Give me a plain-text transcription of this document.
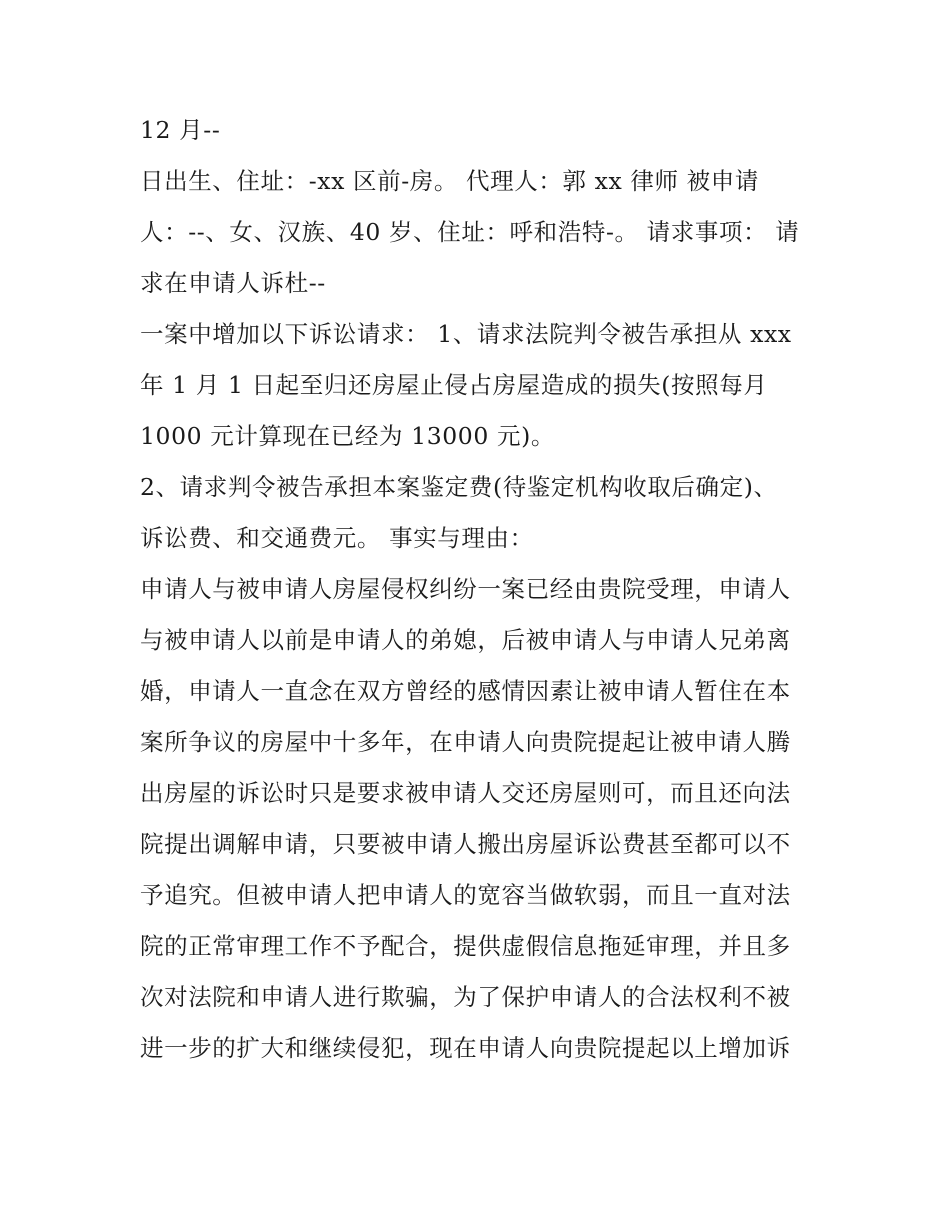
12 月--
日出生、住址：-xx 区前-房。 代理人：郭 xx 律师 被申请
人：--、女、汉族、40 岁、住址：呼和浩特-。 请求事项： 请
求在申请人诉杜--
一案中增加以下诉讼请求： 1、请求法院判令被告承担从 xxx
年 1 月 1 日起至归还房屋止侵占房屋造成的损失(按照每月
1000 元计算现在已经为 13000 元)。
2、请求判令被告承担本案鉴定费(待鉴定机构收取后确定)、
诉讼费、和交通费元。 事实与理由：
申请人与被申请人房屋侵权纠纷一案已经由贵院受理，申请人
与被申请人以前是申请人的弟媳，后被申请人与申请人兄弟离
婚，申请人一直念在双方曾经的感情因素让被申请人暂住在本
案所争议的房屋中十多年，在申请人向贵院提起让被申请人腾
出房屋的诉讼时只是要求被申请人交还房屋则可，而且还向法
院提出调解申请，只要被申请人搬出房屋诉讼费甚至都可以不
予追究。但被申请人把申请人的宽容当做软弱，而且一直对法
院的正常审理工作不予配合，提供虚假信息拖延审理，并且多
次对法院和申请人进行欺骗，为了保护申请人的合法权利不被
进一步的扩大和继续侵犯，现在申请人向贵院提起以上增加诉
